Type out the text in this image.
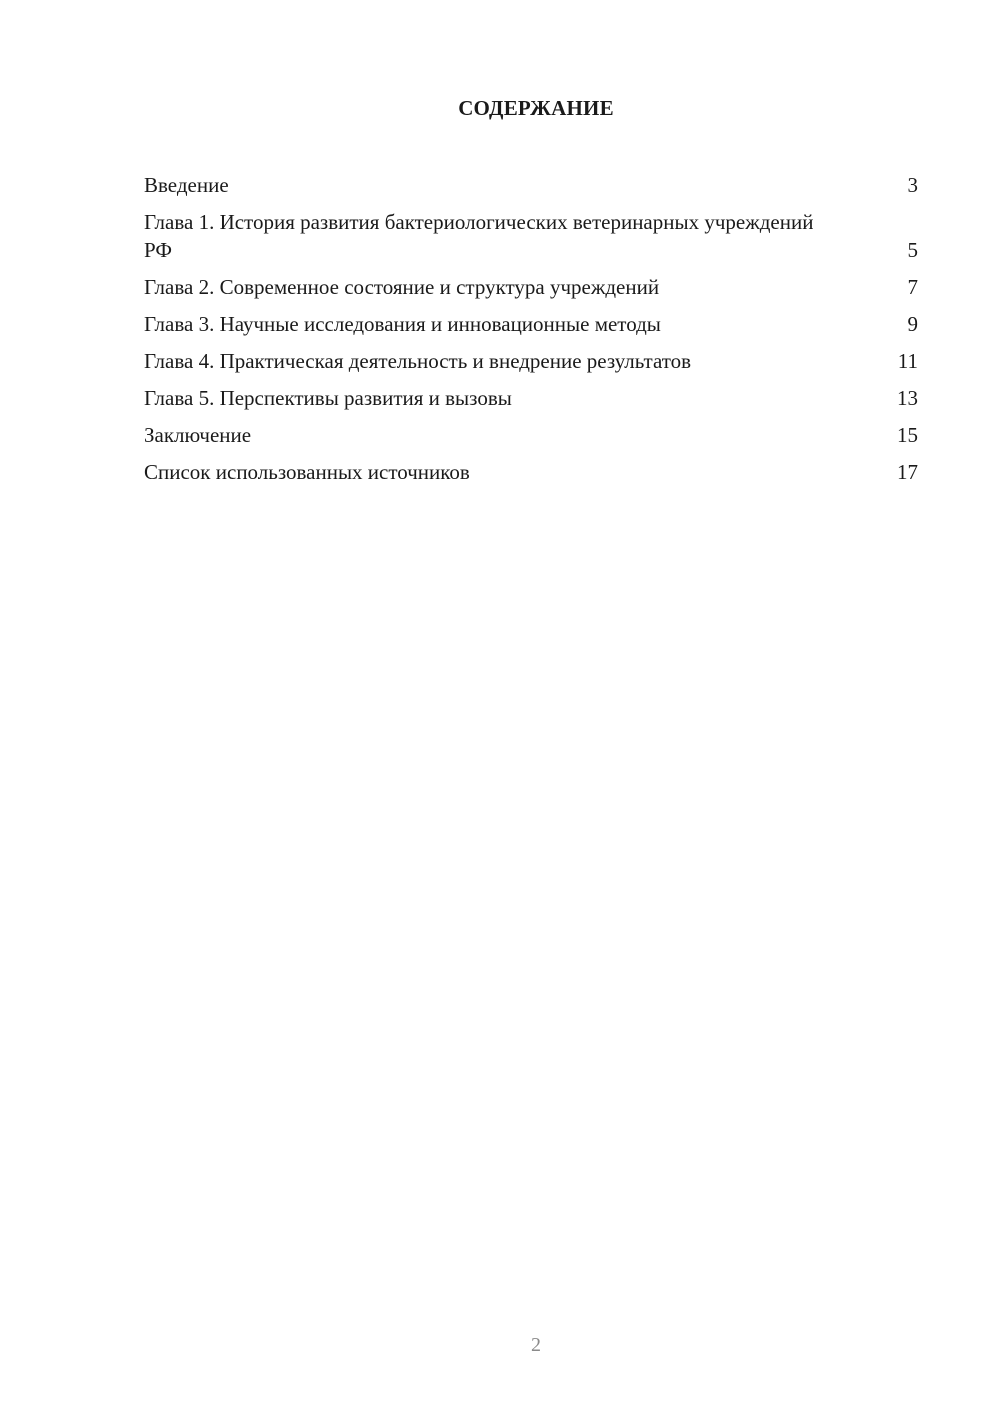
СОДЕРЖАНИЕ
Введение	3
Глава 1. История развития бактериологических ветеринарных учреждений РФ	5
Глава 2. Современное состояние и структура учреждений	7
Глава 3. Научные исследования и инновационные методы	9
Глава 4. Практическая деятельность и внедрение результатов	11
Глава 5. Перспективы развития и вызовы	13
Заключение	15
Список использованных источников	17
2
